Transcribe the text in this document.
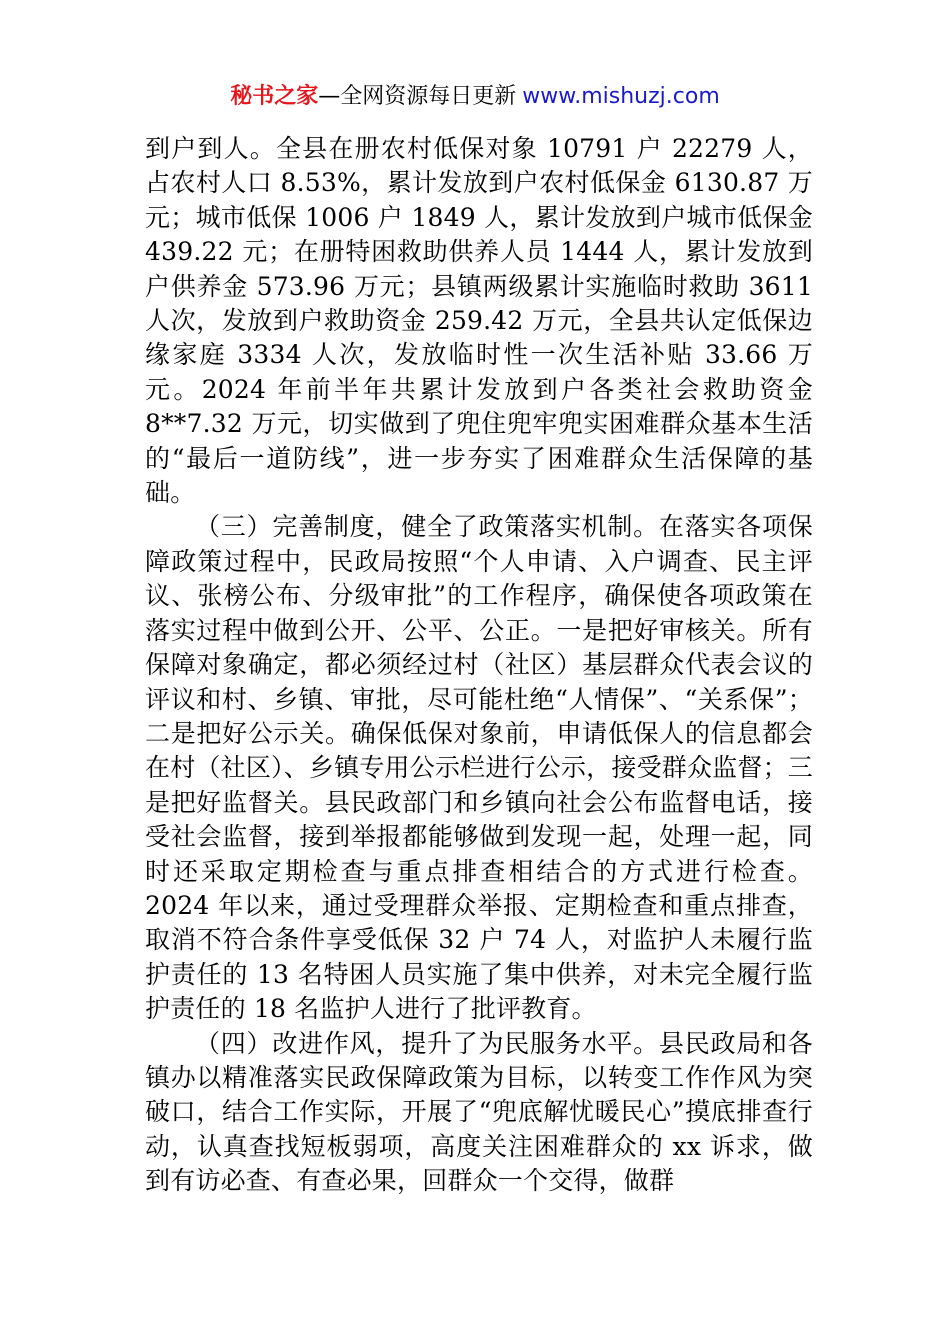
秘书之家—全网资源每日更新 www.mishuzj.com

到户到人。全县在册农村低保对象 10791 户 22279 人，占农村人口 8.53%，累计发放到户农村低保金 6130.87 万元；城市低保 1006 户 1849 人，累计发放到户城市低保金 439.22 元；在册特困救助供养人员 1444 人，累计发放到户供养金 573.96 万元；县镇两级累计实施临时救助 3611 人次，发放到户救助资金 259.42 万元，全县共认定低保边缘家庭 3334 人次，发放临时性一次生活补贴 33.66 万元。2024 年前半年共累计发放到户各类社会救助资金 8**7.32 万元，切实做到了兜住兜牢兜实困难群众基本生活的“最后一道防线”，进一步夯实了困难群众生活保障的基础。

（三）完善制度，健全了政策落实机制。在落实各项保障政策过程中，民政局按照“个人申请、入户调查、民主评议、张榜公布、分级审批”的工作程序，确保使各项政策在落实过程中做到公开、公平、公正。一是把好审核关。所有保障对象确定，都必须经过村（社区）基层群众代表会议的评议和村、乡镇、审批，尽可能杜绝“人情保”、“关系保”；二是把好公示关。确保低保对象前，申请低保人的信息都会在村（社区）、乡镇专用公示栏进行公示，接受群众监督；三是把好监督关。县民政部门和乡镇向社会公布监督电话，接受社会监督，接到举报都能够做到发现一起，处理一起，同时还采取定期检查与重点排查相结合的方式进行检查。2024 年以来，通过受理群众举报、定期检查和重点排查，取消不符合条件享受低保 32 户 74 人，对监护人未履行监护责任的 13 名特困人员实施了集中供养，对未完全履行监护责任的 18 名监护人进行了批评教育。

（四）改进作风，提升了为民服务水平。县民政局和各镇办以精准落实民政保障政策为目标，以转变工作作风为突破口，结合工作实际，开展了“兜底解忧暖民心”摸底排查行动，认真查找短板弱项，高度关注困难群众的 xx 诉求，做到有访必查、有查必果，回群众一个交得，做群
